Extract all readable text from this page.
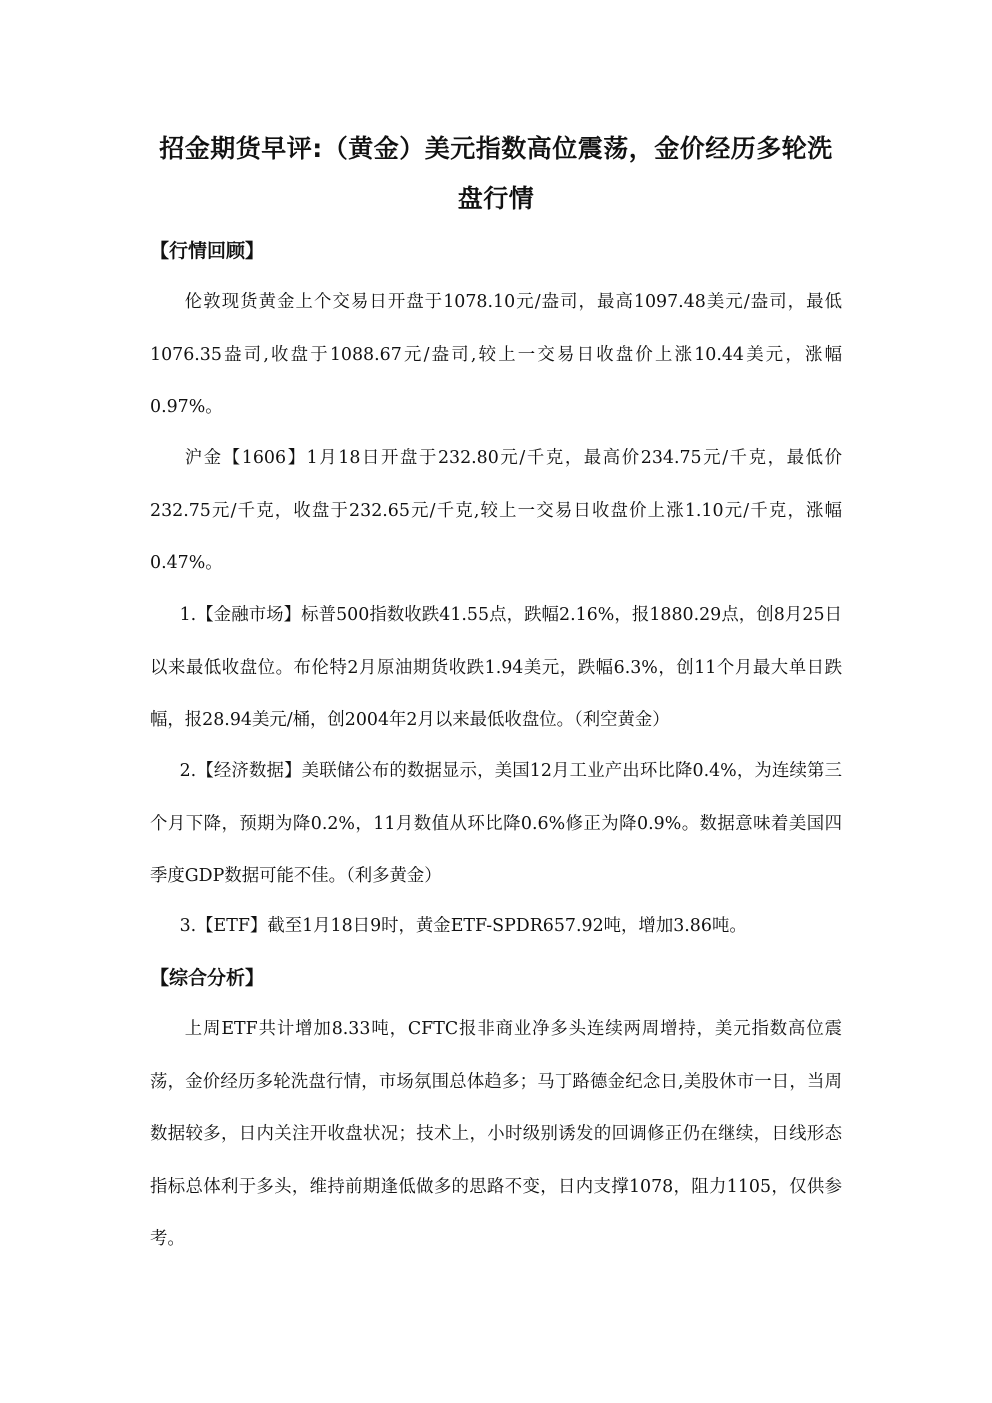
招金期货早评:（黄金）美元指数高位震荡，金价经历多轮洗盘行情
【行情回顾】
伦敦现货黄金上个交易日开盘于1078.10元/盎司，最高1097.48美元/盎司，最低1076.35盎司,收盘于1088.67元/盎司,较上一交易日收盘价上涨10.44美元，涨幅0.97%。
沪金【1606】1月18日开盘于232.80元/千克，最高价234.75元/千克，最低价232.75元/千克，收盘于232.65元/千克,较上一交易日收盘价上涨1.10元/千克，涨幅0.47%。
1.【金融市场】标普500指数收跌41.55点，跌幅2.16%，报1880.29点，创8月25日以来最低收盘位。布伦特2月原油期货收跌1.94美元，跌幅6.3%，创11个月最大单日跌幅，报28.94美元/桶，创2004年2月以来最低收盘位。（利空黄金）
2.【经济数据】美联储公布的数据显示，美国12月工业产出环比降0.4%，为连续第三个月下降，预期为降0.2%，11月数值从环比降0.6%修正为降0.9%。数据意味着美国四季度GDP数据可能不佳。（利多黄金）
3.【ETF】截至1月18日9时，黄金ETF-SPDR657.92吨，增加3.86吨。
【综合分析】
上周ETF共计增加8.33吨，CFTC报非商业净多头连续两周增持，美元指数高位震荡，金价经历多轮洗盘行情，市场氛围总体趋多；马丁路德金纪念日,美股休市一日，当周数据较多，日内关注开收盘状况；技术上，小时级别诱发的回调修正仍在继续，日线形态指标总体利于多头，维持前期逢低做多的思路不变，日内支撑1078，阻力1105，仅供参考。
